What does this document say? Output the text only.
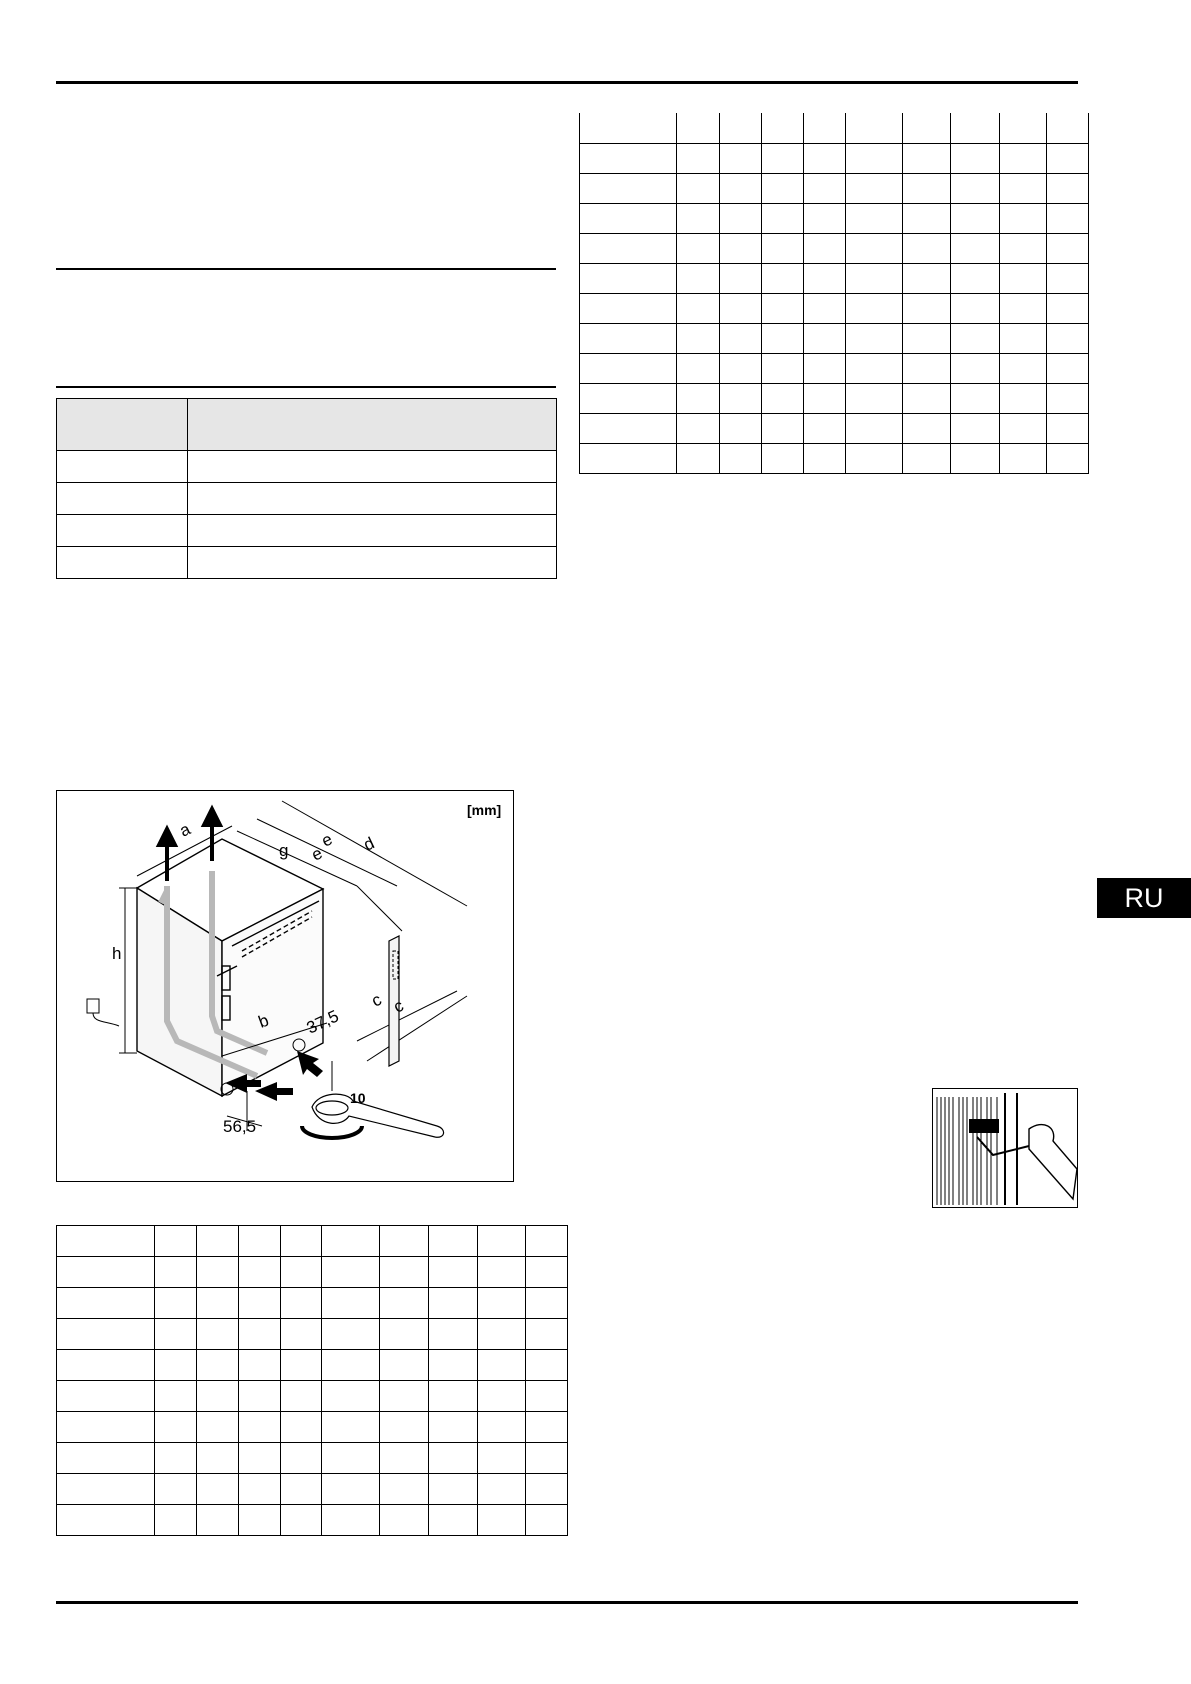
[mm]
a
h
g e
e d
b
c c
37,5
56,5
10
RU
